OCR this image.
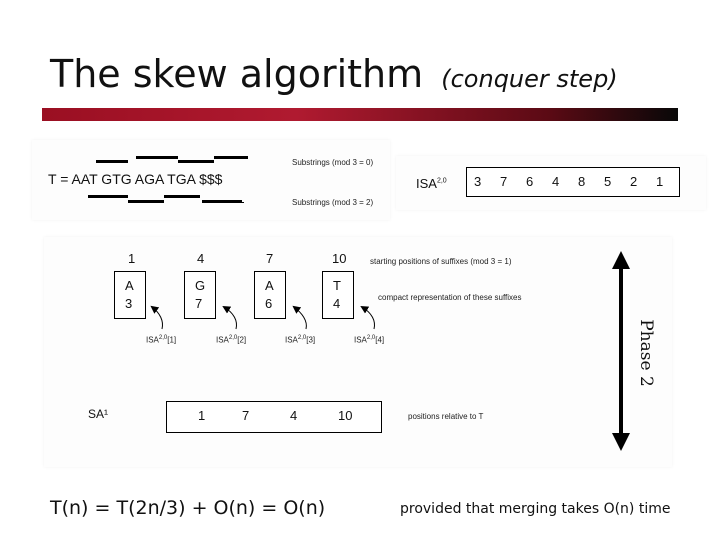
The skew algorithm (conquer step)
T = AAT GTG AGA TGA $$$
Substrings (mod 3 = 0)
Substrings (mod 3 = 2)
ISA$^{2,0}$ 3 7 6 4 8 5 2 1
1	4	7	10	starting positions of suffixes (mod 3 = 1)
A
3
G
7
A
6
T
4	compact representation of these suffixes
ISA$^{2,0}$[1]	ISA$^{2,0}$[2]	ISA$^{2,0}$[3]	ISA$^{2,0}$[4]
SA¹	1	7	4	10	positions relative to T
Phase 2
T(n) = T(2n/3) + O(n) = O(n)	provided that merging takes O(n) time
